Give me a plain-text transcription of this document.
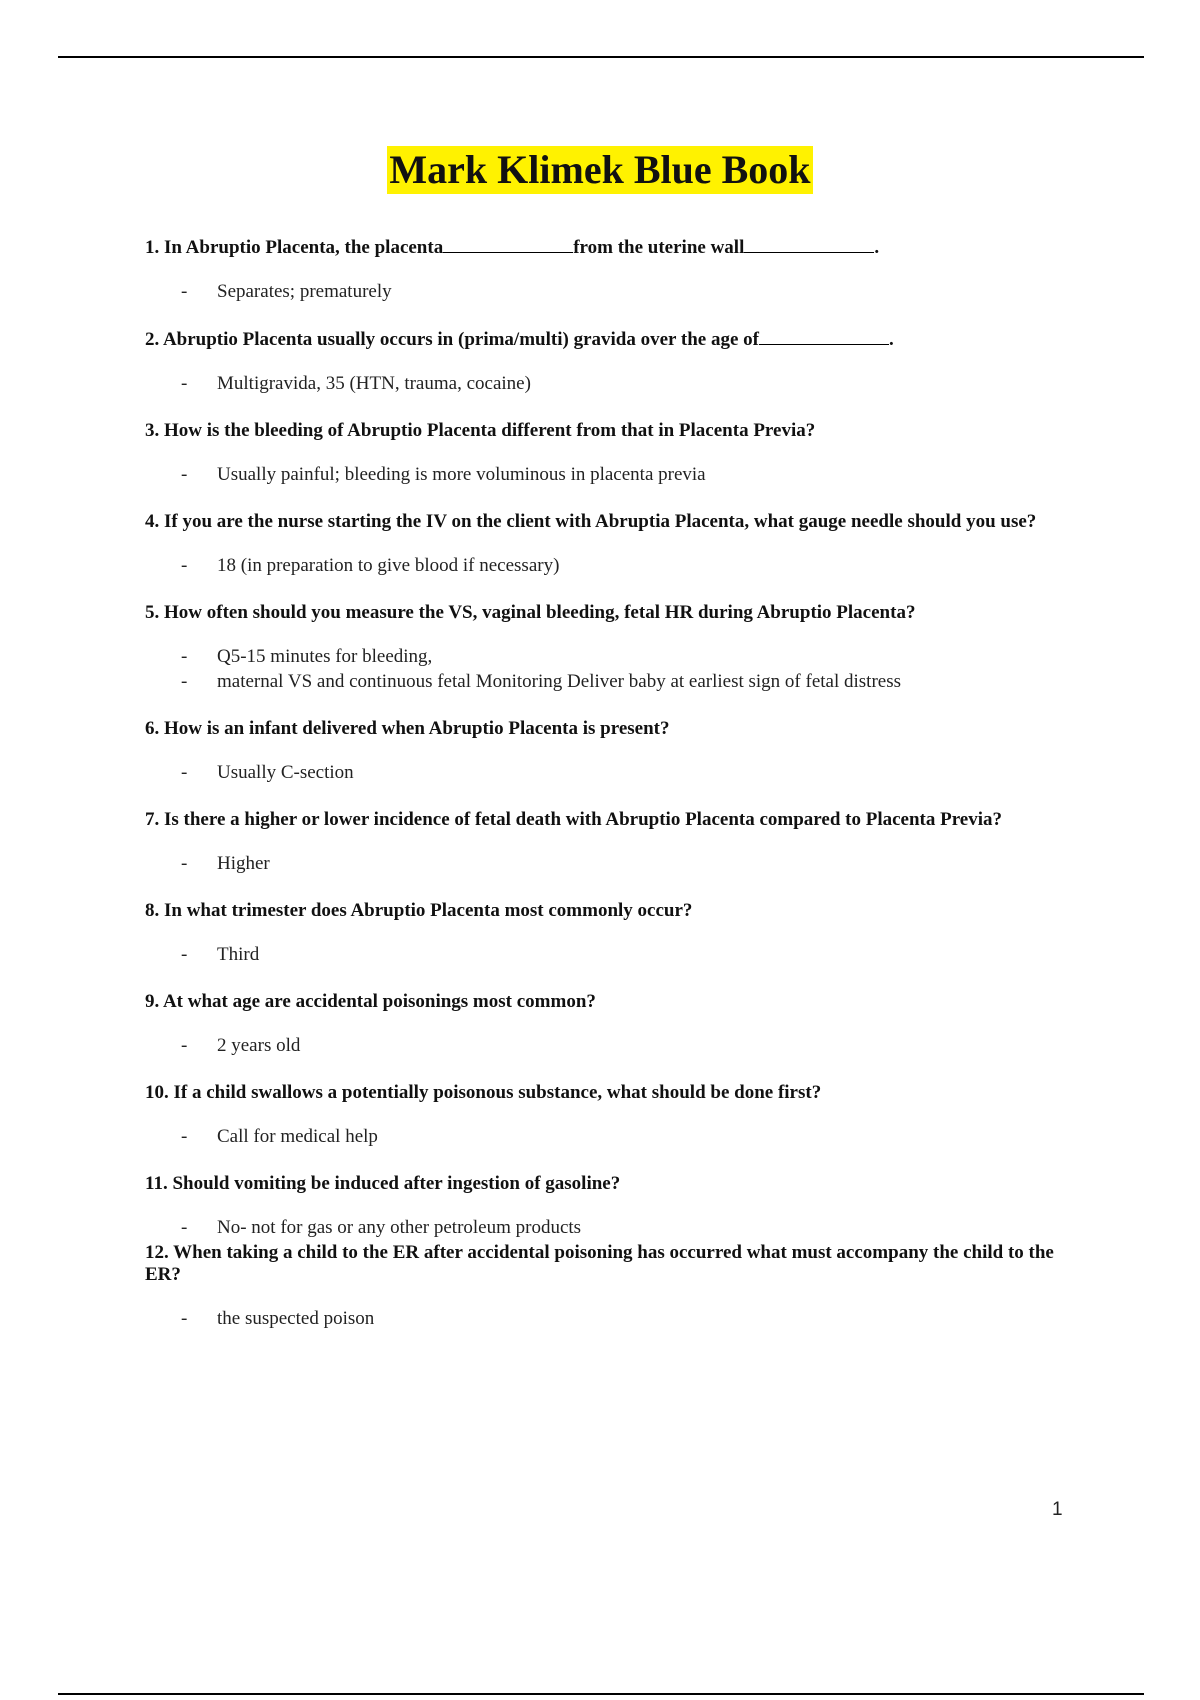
Mark Klimek Blue Book

1. In Abruptio Placenta, the placenta	from the uterine wall	.

- Separates; prematurely

2. Abruptio Placenta usually occurs in (prima/multi) gravida over the age of	.

- Multigravida, 35 (HTN, trauma, cocaine)

3. How is the bleeding of Abruptio Placenta different from that in Placenta Previa?

- Usually painful; bleeding is more voluminous in placenta previa

4. If you are the nurse starting the IV on the client with Abruptia Placenta, what gauge needle should you use?

- 18 (in preparation to give blood if necessary)

5. How often should you measure the VS, vaginal bleeding, fetal HR during Abruptio Placenta?

- Q5-15 minutes for bleeding,
- maternal VS and continuous fetal Monitoring Deliver baby at earliest sign of fetal distress

6. How is an infant delivered when Abruptio Placenta is present?

- Usually C-section

7. Is there a higher or lower incidence of fetal death with Abruptio Placenta compared to Placenta Previa?

- Higher

8. In what trimester does Abruptio Placenta most commonly occur?

- Third

9. At what age are accidental poisonings most common?

- 2 years old

10. If a child swallows a potentially poisonous substance, what should be done first?

- Call for medical help

11. Should vomiting be induced after ingestion of gasoline?

- No- not for gas or any other petroleum products

12. When taking a child to the ER after accidental poisoning has occurred what must accompany the child to the ER?

- the suspected poison
1
